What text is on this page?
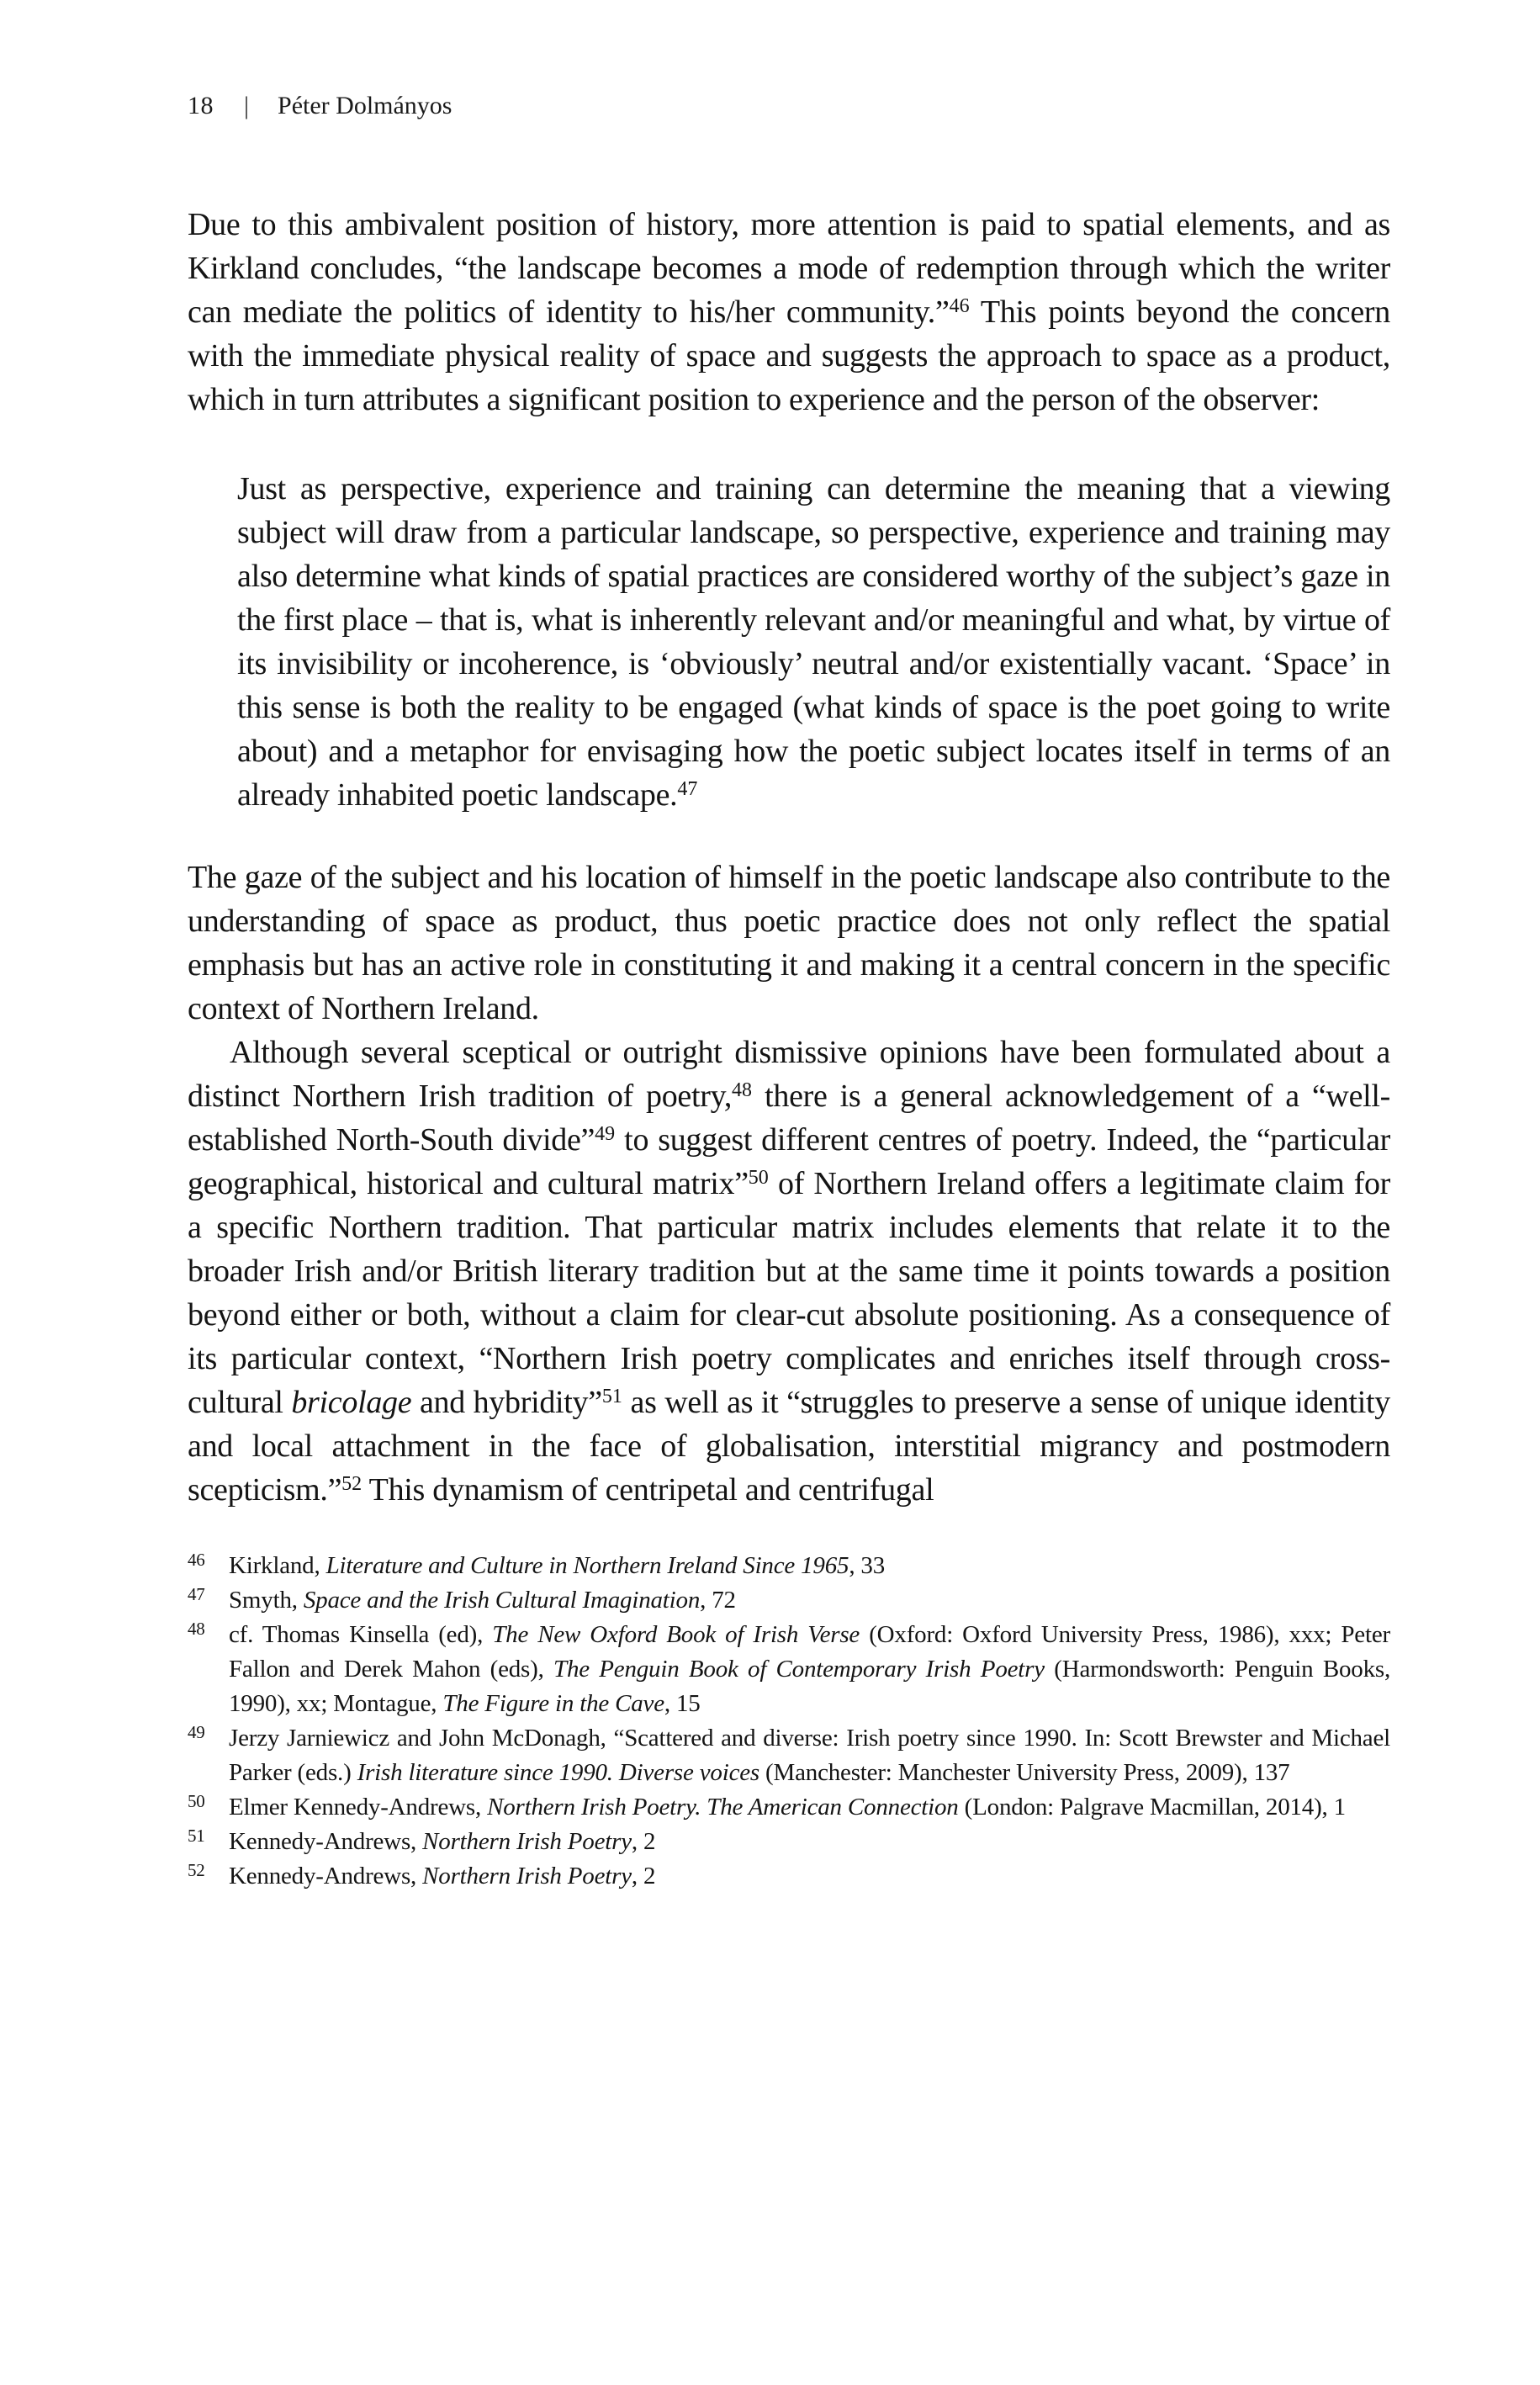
18 | Péter Dolmányos

Due to this ambivalent position of history, more attention is paid to spatial elements, and as Kirkland concludes, “the landscape becomes a mode of redemption through which the writer can mediate the politics of identity to his/her community.”$^{46}$ This points beyond the concern with the immediate physical reality of space and suggests the approach to space as a product, which in turn attributes a significant position to experience and the person of the observer:

Just as perspective, experience and training can determine the meaning that a viewing subject will draw from a particular landscape, so perspective, experience and training may also determine what kinds of spatial practices are considered worthy of the subject’s gaze in the first place – that is, what is inherently relevant and/or meaningful and what, by virtue of its invisibility or incoherence, is ‘obviously’ neutral and/or existentially vacant. ‘Space’ in this sense is both the reality to be engaged (what kinds of space is the poet going to write about) and a metaphor for envisaging how the poetic subject locates itself in terms of an already inhabited poetic landscape.$^{47}$

The gaze of the subject and his location of himself in the poetic landscape also contribute to the understanding of space as product, thus poetic practice does not only reflect the spatial emphasis but has an active role in constituting it and making it a central concern in the specific context of Northern Ireland.

Although several sceptical or outright dismissive opinions have been formulated about a distinct Northern Irish tradition of poetry,$^{48}$ there is a general acknowledgement of a “well-established North-South divide”$^{49}$ to suggest different centres of poetry. Indeed, the “particular geographical, historical and cultural matrix”$^{50}$ of Northern Ireland offers a legitimate claim for a specific Northern tradition. That particular matrix includes elements that relate it to the broader Irish and/or British literary tradition but at the same time it points towards a position beyond either or both, without a claim for clear-cut absolute positioning. As a consequence of its particular context, “Northern Irish poetry complicates and enriches itself through cross-cultural bricolage and hybridity”$^{51}$ as well as it “struggles to preserve a sense of unique identity and local attachment in the face of globalisation, interstitial migrancy and postmodern scepticism.”$^{52}$ This dynamism of centripetal and centrifugal

46 Kirkland, Literature and Culture in Northern Ireland Since 1965, 33

47 Smyth, Space and the Irish Cultural Imagination, 72

48 cf. Thomas Kinsella (ed), The New Oxford Book of Irish Verse (Oxford: Oxford University Press, 1986), xxx; Peter Fallon and Derek Mahon (eds), The Penguin Book of Contemporary Irish Poetry (Harmondsworth: Penguin Books, 1990), xx; Montague, The Figure in the Cave, 15

49 Jerzy Jarniewicz and John McDonagh, “Scattered and diverse: Irish poetry since 1990. In: Scott Brewster and Michael Parker (eds.) Irish literature since 1990. Diverse voices (Manchester: Manchester University Press, 2009), 137

50 Elmer Kennedy-Andrews, Northern Irish Poetry. The American Connection (London: Palgrave Macmillan, 2014), 1

51 Kennedy-Andrews, Northern Irish Poetry, 2

52 Kennedy-Andrews, Northern Irish Poetry, 2
